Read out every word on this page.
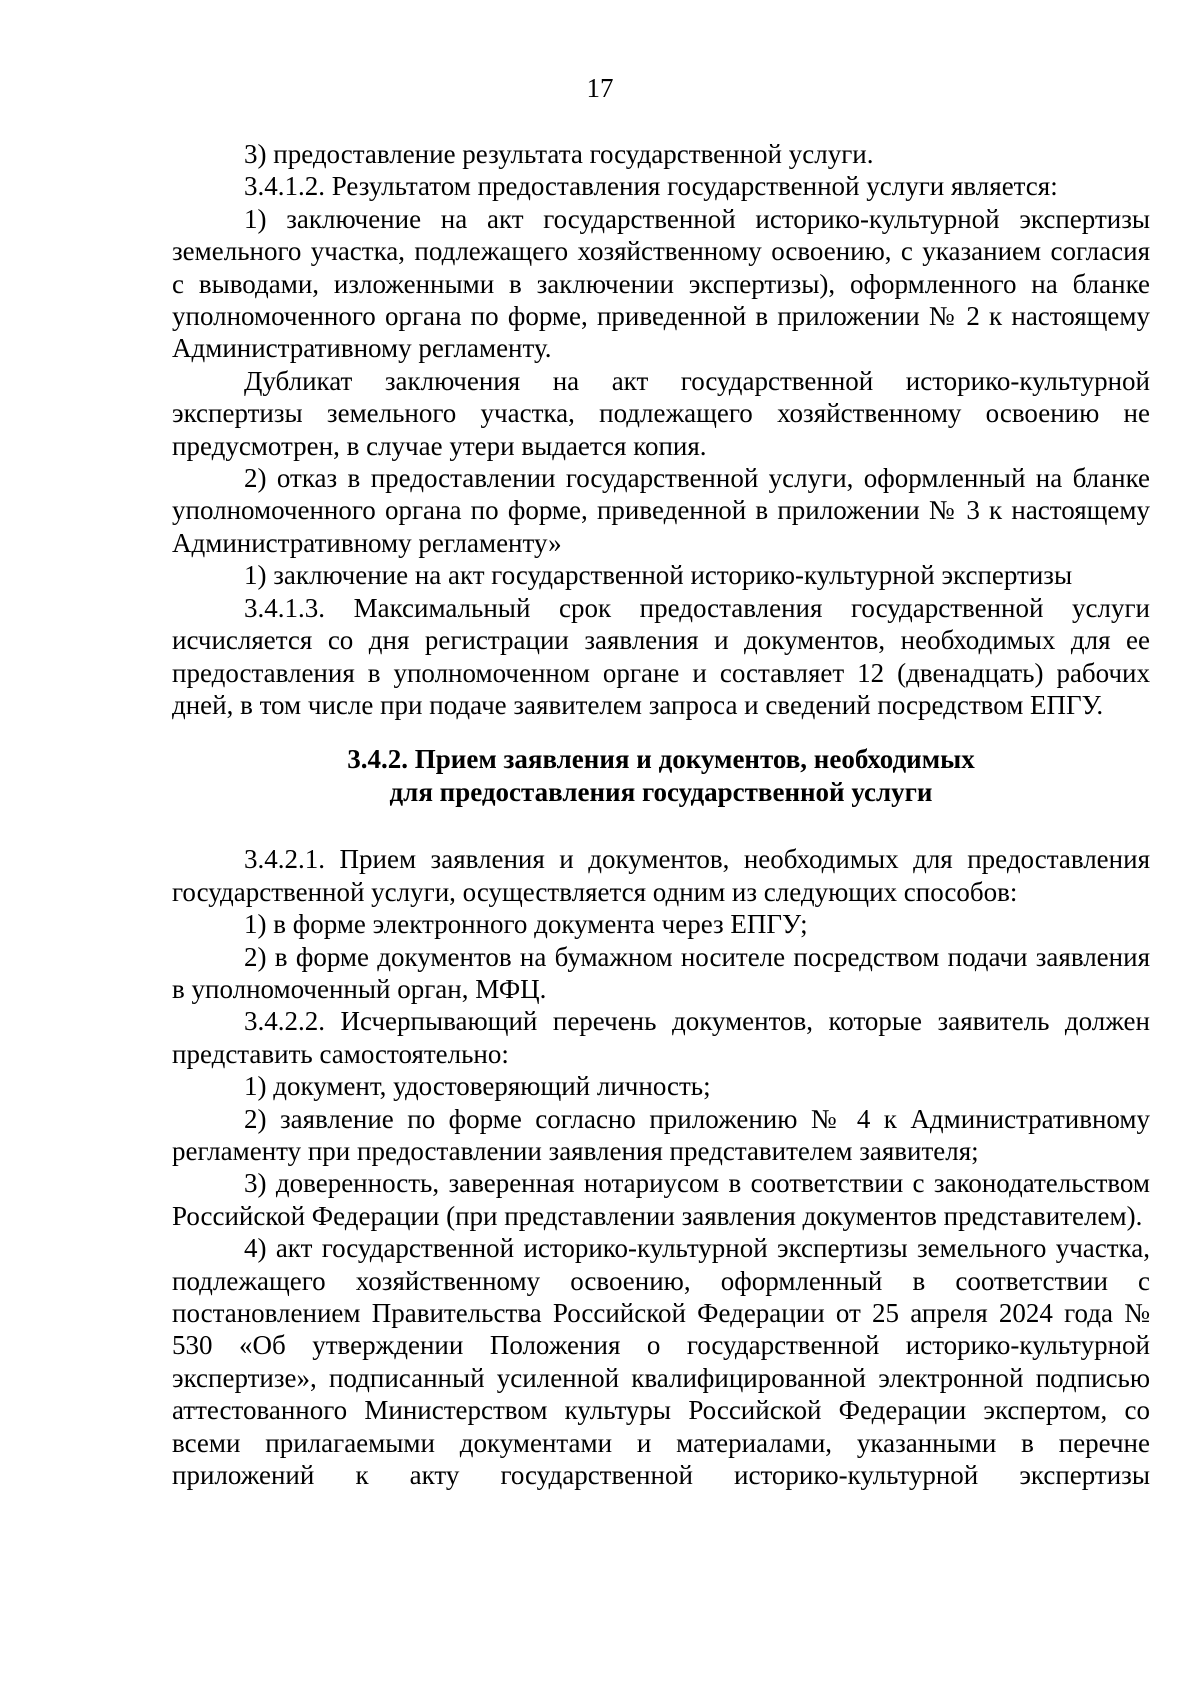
17

3) предоставление результата государственной услуги.

3.4.1.2. Результатом предоставления государственной услуги является:

1) заключение на акт государственной историко-культурной экспертизы земельного участка, подлежащего хозяйственному освоению, с указанием согласия с выводами, изложенными в заключении экспертизы), оформленного на бланке уполномоченного органа по форме, приведенной в приложении № 2 к настоящему Административному регламенту.

Дубликат заключения на акт государственной историко-культурной экспертизы земельного участка, подлежащего хозяйственному освоению не предусмотрен, в случае утери выдается копия.

2) отказ в предоставлении государственной услуги, оформленный на бланке уполномоченного органа по форме, приведенной в приложении № 3 к настоящему Административному регламенту»

1) заключение на акт государственной историко-культурной экспертизы

3.4.1.3. Максимальный срок предоставления государственной услуги исчисляется со дня регистрации заявления и документов, необходимых для ее предоставления в уполномоченном органе и составляет 12 (двенадцать) рабочих дней, в том числе при подаче заявителем запроса и сведений посредством ЕПГУ.

3.4.2. Прием заявления и документов, необходимых
для предоставления государственной услуги

3.4.2.1. Прием заявления и документов, необходимых для предоставления государственной услуги, осуществляется одним из следующих способов:

1) в форме электронного документа через ЕПГУ;

2) в форме документов на бумажном носителе посредством подачи заявления в уполномоченный орган, МФЦ.

3.4.2.2. Исчерпывающий перечень документов, которые заявитель должен представить самостоятельно:

1) документ, удостоверяющий личность;

2) заявление по форме согласно приложению № 4 к Административному регламенту при предоставлении заявления представителем заявителя;

3) доверенность, заверенная нотариусом в соответствии с законодательством Российской Федерации (при представлении заявления документов представителем).

4) акт государственной историко-культурной экспертизы земельного участка, подлежащего хозяйственному освоению, оформленный в соответствии с постановлением Правительства Российской Федерации от 25 апреля 2024 года № 530 «Об утверждении Положения о государственной историко-культурной экспертизе», подписанный усиленной квалифицированной электронной подписью аттестованного Министерством культуры Российской Федерации экспертом, со всеми прилагаемыми документами и материалами, указанными в перечне приложений к акту государственной историко-культурной экспертизы
